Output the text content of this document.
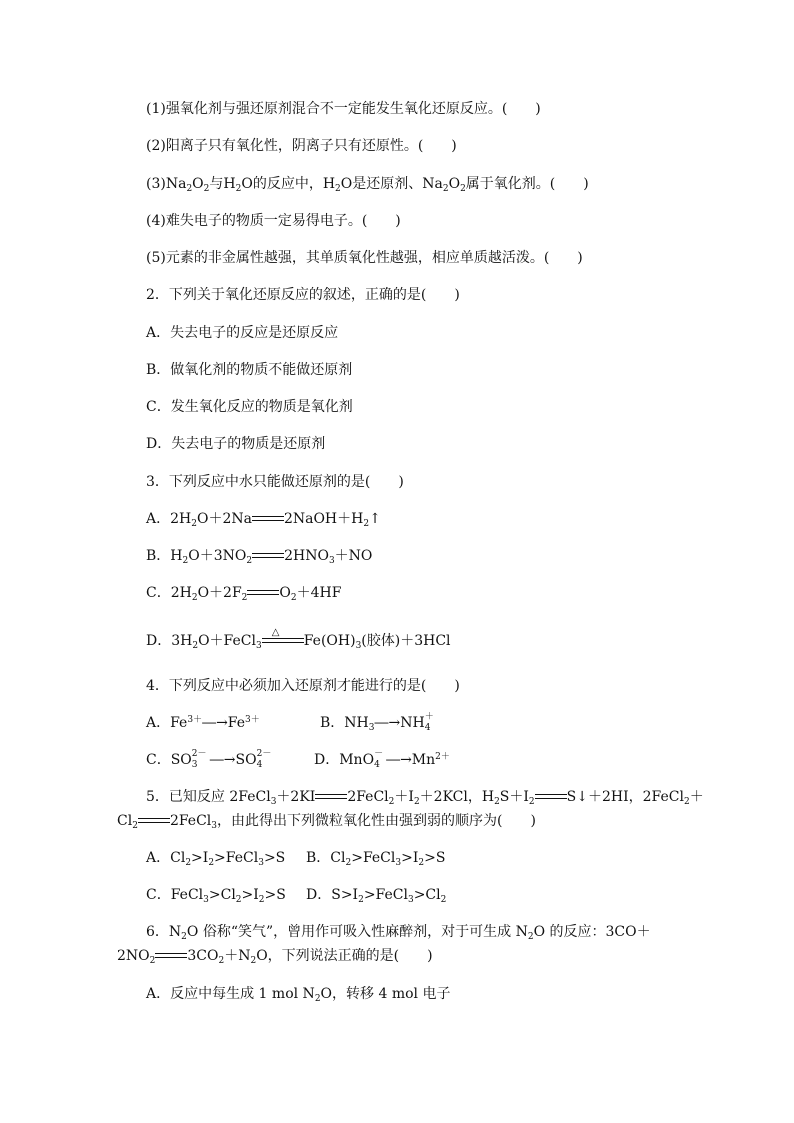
(1)强氧化剂与强还原剂混合不一定能发生氧化还原反应。(　　)
(2)阳离子只有氧化性，阴离子只有还原性。(　　)
$(3)Na_2O_2$与$H_2O$的反应中，$H_2O$是还原剂、$Na_2O_2$属于氧化剂。(　　)
(4)难失电子的物质一定易得电子。(　　)
(5)元素的非金属性越强，其单质氧化性越强，相应单质越活泼。(　　)
2．下列关于氧化还原反应的叙述，正确的是(　　)
A．失去电子的反应是还原反应
B．做氧化剂的物质不能做还原剂
C．发生氧化反应的物质是氧化剂
D．失去电子的物质是还原剂
3．下列反应中水只能做还原剂的是(　　)
A．$2H_2O+2Na$ $2NaOH+H_2↑$
B．$H_2O+3NO_2$ $2HNO_3+NO$
C．$2H_2O+2F_2$ $O_2+4HF$
D．$3H_2O+FeCl_3$
△
$Fe(OH)_3$(胶体)＋3HCl
4．下列反应中必须加入还原剂才能进行的是(　　)
A．$Fe^{3+}―\to Fe^{3+}$	B．$NH_3―\to NH$ ＋
4
C．SO 2－
3 ―→SO 2－
4	D．MnO －
4 $―\to Mn^{2+}$
5．已知反应 2FeCl$_3$＋2KI $2FeCl_2+I_2+2KCl$，$H_2S+I_2$ S↓＋2HI，2FeCl$_2$＋
$Cl_2$ 2FeCl$_3$，由此得出下列微粒氧化性由强到弱的顺序为(　　)
A．$Cl_2>I_2>FeCl_3>S$ B．$Cl_2>FeCl_3>I_2>S$
C．$FeCl_3>Cl_2>I_2>S$ D．$S>I_2>FeCl_3>Cl_2$
6．$N_2O$ 俗称“笑气”，曾用作可吸入性麻醉剂，对于可生成 $N_2O$ 的反应：3CO＋
$2NO_2$ $3CO_2+N_2O$，下列说法正确的是(　　)
A．反应中每生成 1 mol $N_2O$，转移 4 mol 电子
